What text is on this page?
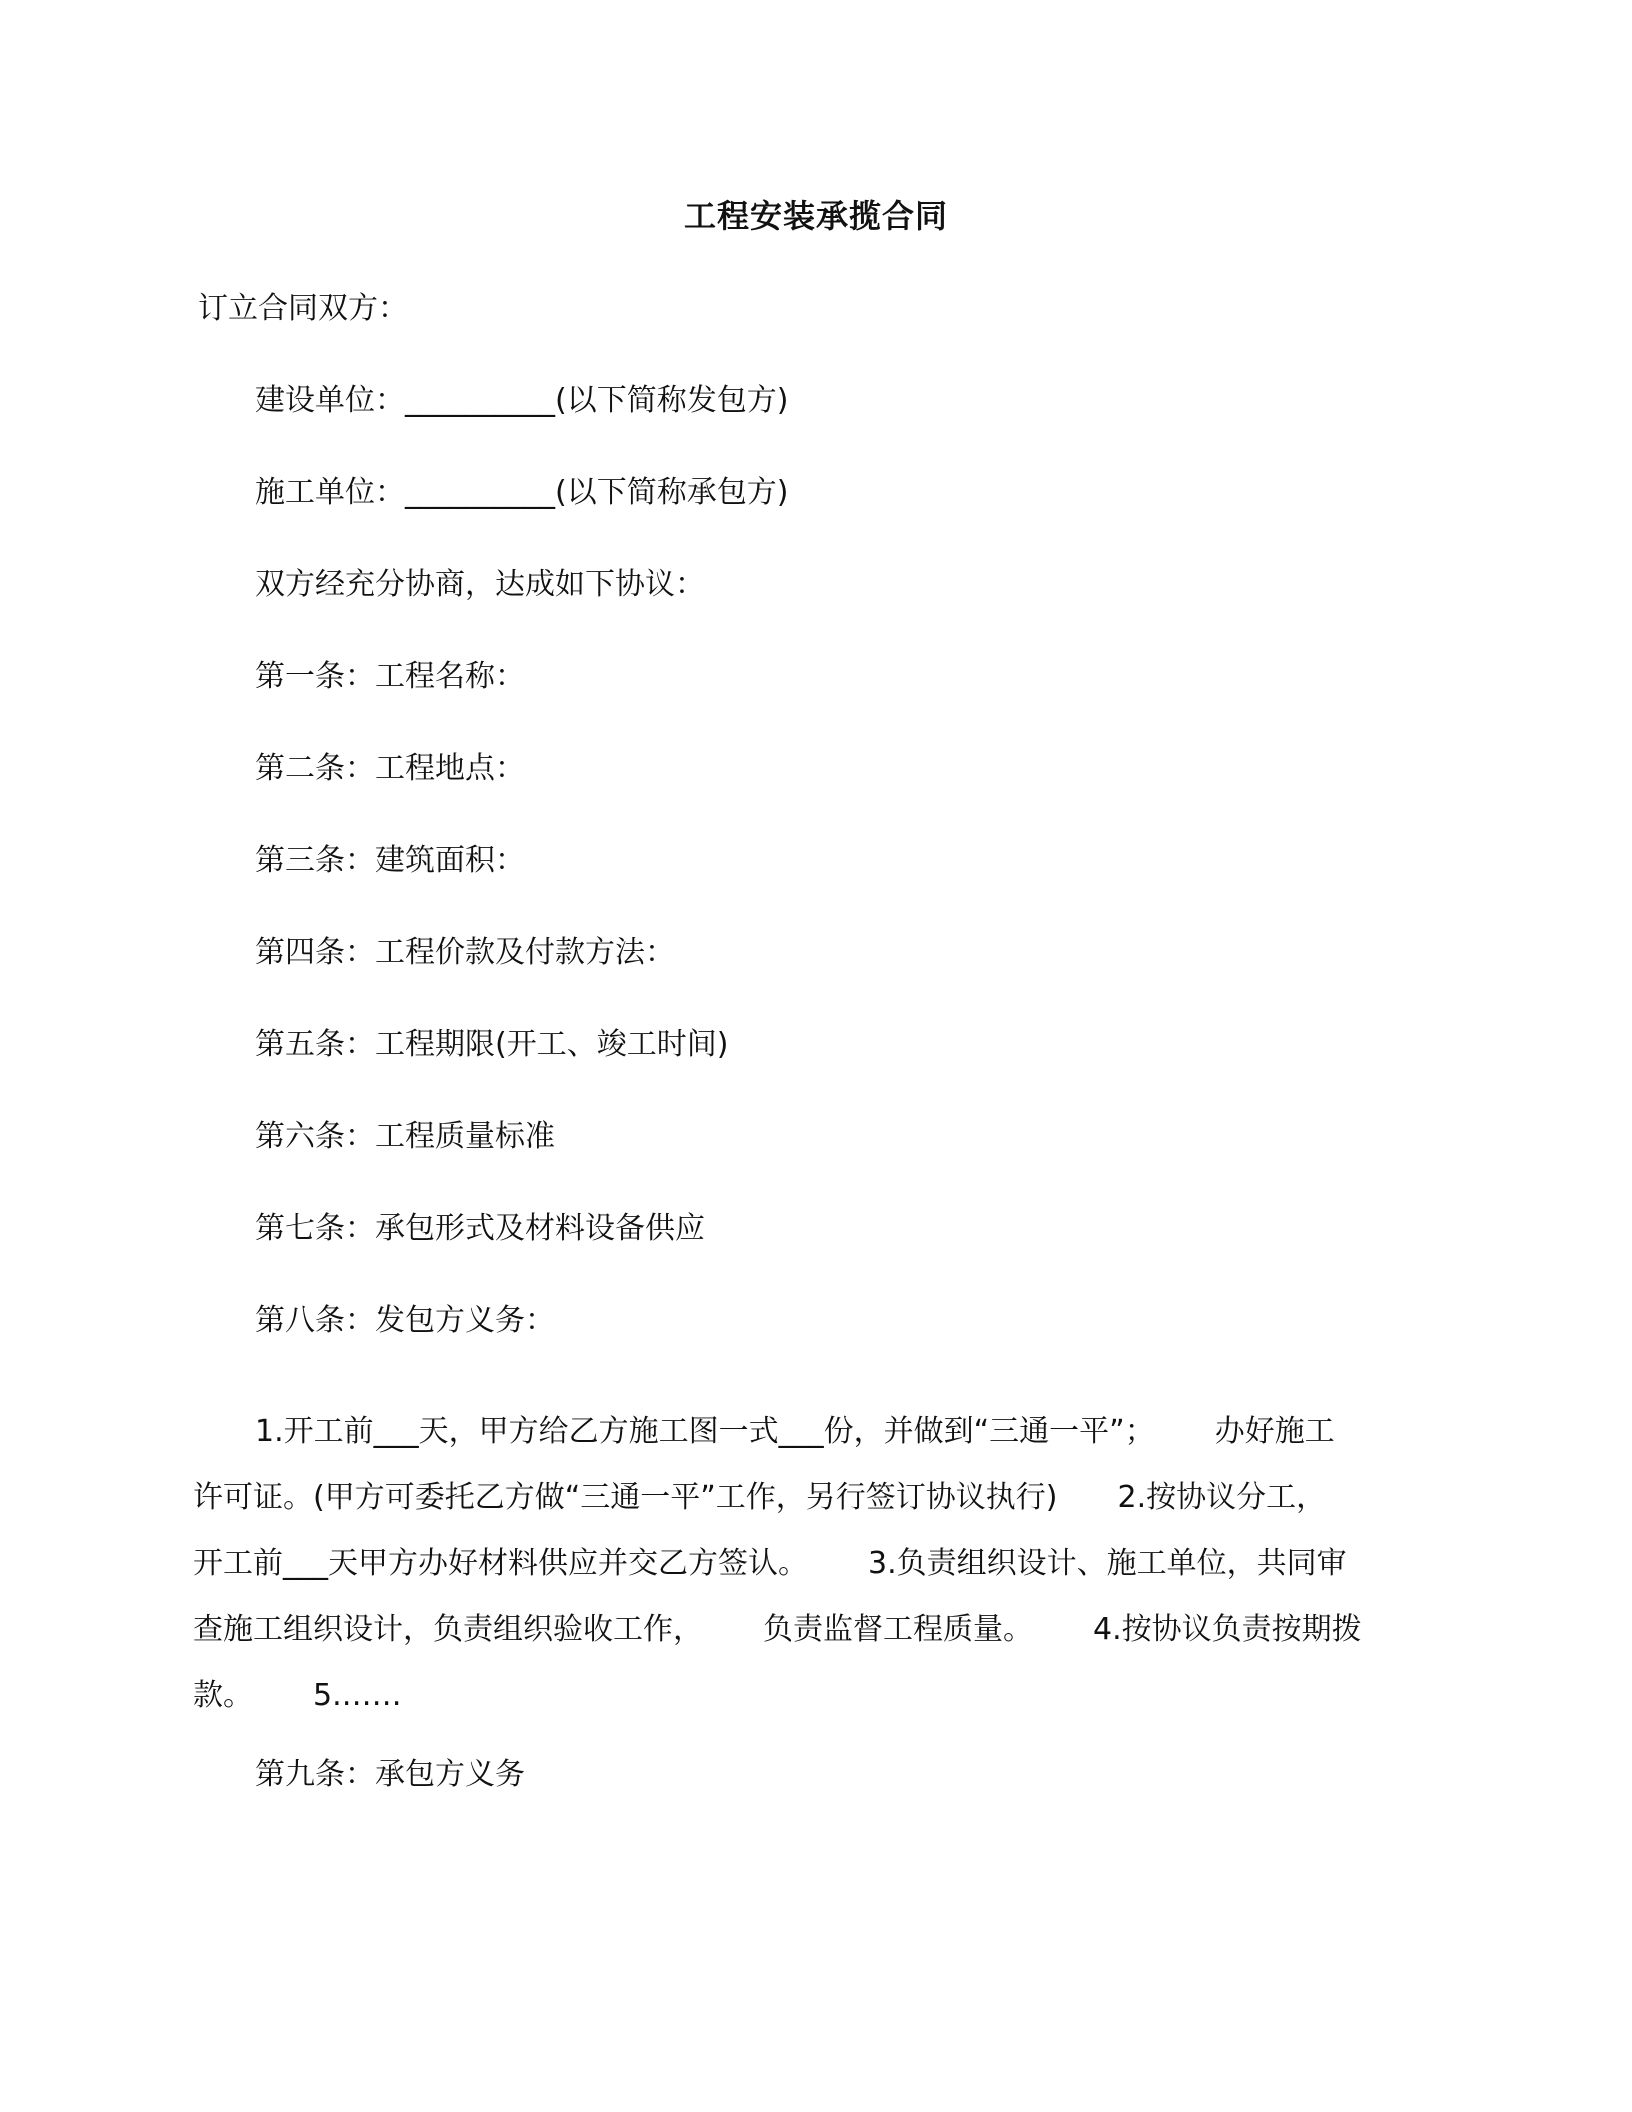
工程安装承揽合同
订立合同双方：
建设单位：__________(以下简称发包方)
施工单位：__________(以下简称承包方)
双方经充分协商，达成如下协议：
第一条：工程名称：
第二条：工程地点：
第三条：建筑面积：
第四条：工程价款及付款方法：
第五条：工程期限(开工、竣工时间)
第六条：工程质量标准
第七条：承包形式及材料设备供应
第八条：发包方义务：
1.开工前___天，甲方给乙方施工图一式___份，并做到“三通一平”； 办好施工
许可证。(甲方可委托乙方做“三通一平”工作，另行签订协议执行) 2.按协议分工，
开工前___天甲方办好材料供应并交乙方签认。 3.负责组织设计、施工单位，共同审
查施工组织设计，负责组织验收工作， 负责监督工程质量。 4.按协议负责按期拨
款。 5.……
第九条：承包方义务
